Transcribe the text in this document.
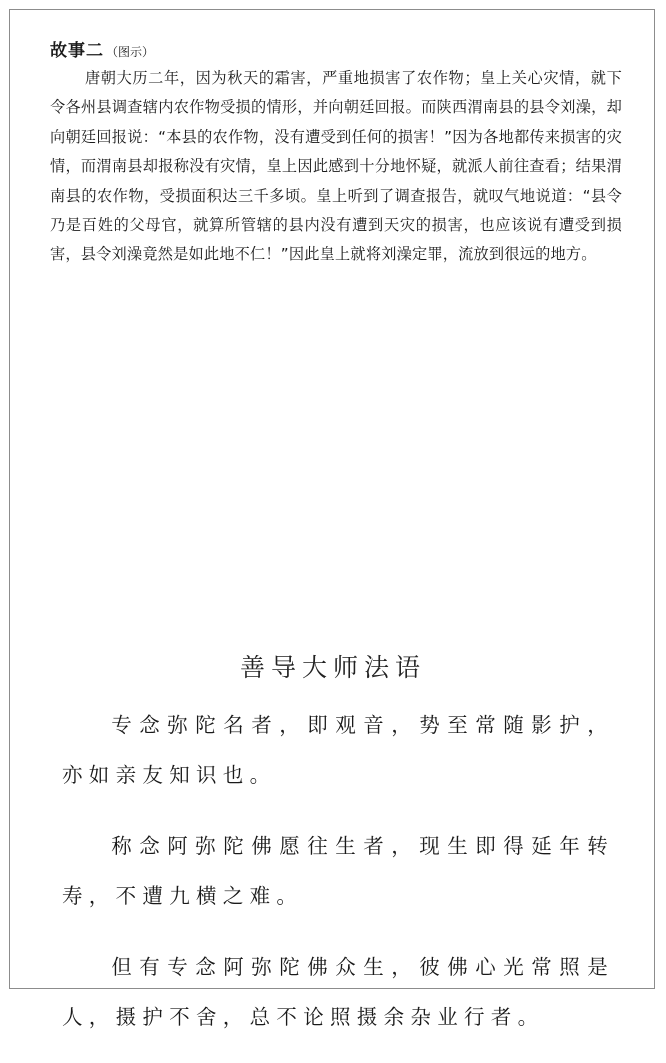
故事二 （图示）

唐朝大历二年，因为秋天的霜害，严重地损害了农作物；皇上关心灾情，就下令各州县调查辖内农作物受损的情形，并向朝廷回报。而陕西渭南县的县令刘澡，却向朝廷回报说：“本县的农作物，没有遭受到任何的损害！”因为各地都传来损害的灾情，而渭南县却报称没有灾情，皇上因此感到十分地怀疑，就派人前往查看；结果渭南县的农作物，受损面积达三千多顷。皇上听到了调查报告，就叹气地说道：“县令乃是百姓的父母官，就算所管辖的县内没有遭到天灾的损害，也应该说有遭受到损害，县令刘澡竟然是如此地不仁！”因此皇上就将刘澡定罪，流放到很远的地方。

善导大师法语

专念弥陀名者，即观音，势至常随影护，亦如亲友知识也。

称念阿弥陀佛愿往生者，现生即得延年转寿，不遭九横之难。

但有专念阿弥陀佛众生，彼佛心光常照是人，摄护不舍，总不论照摄余杂业行者。
